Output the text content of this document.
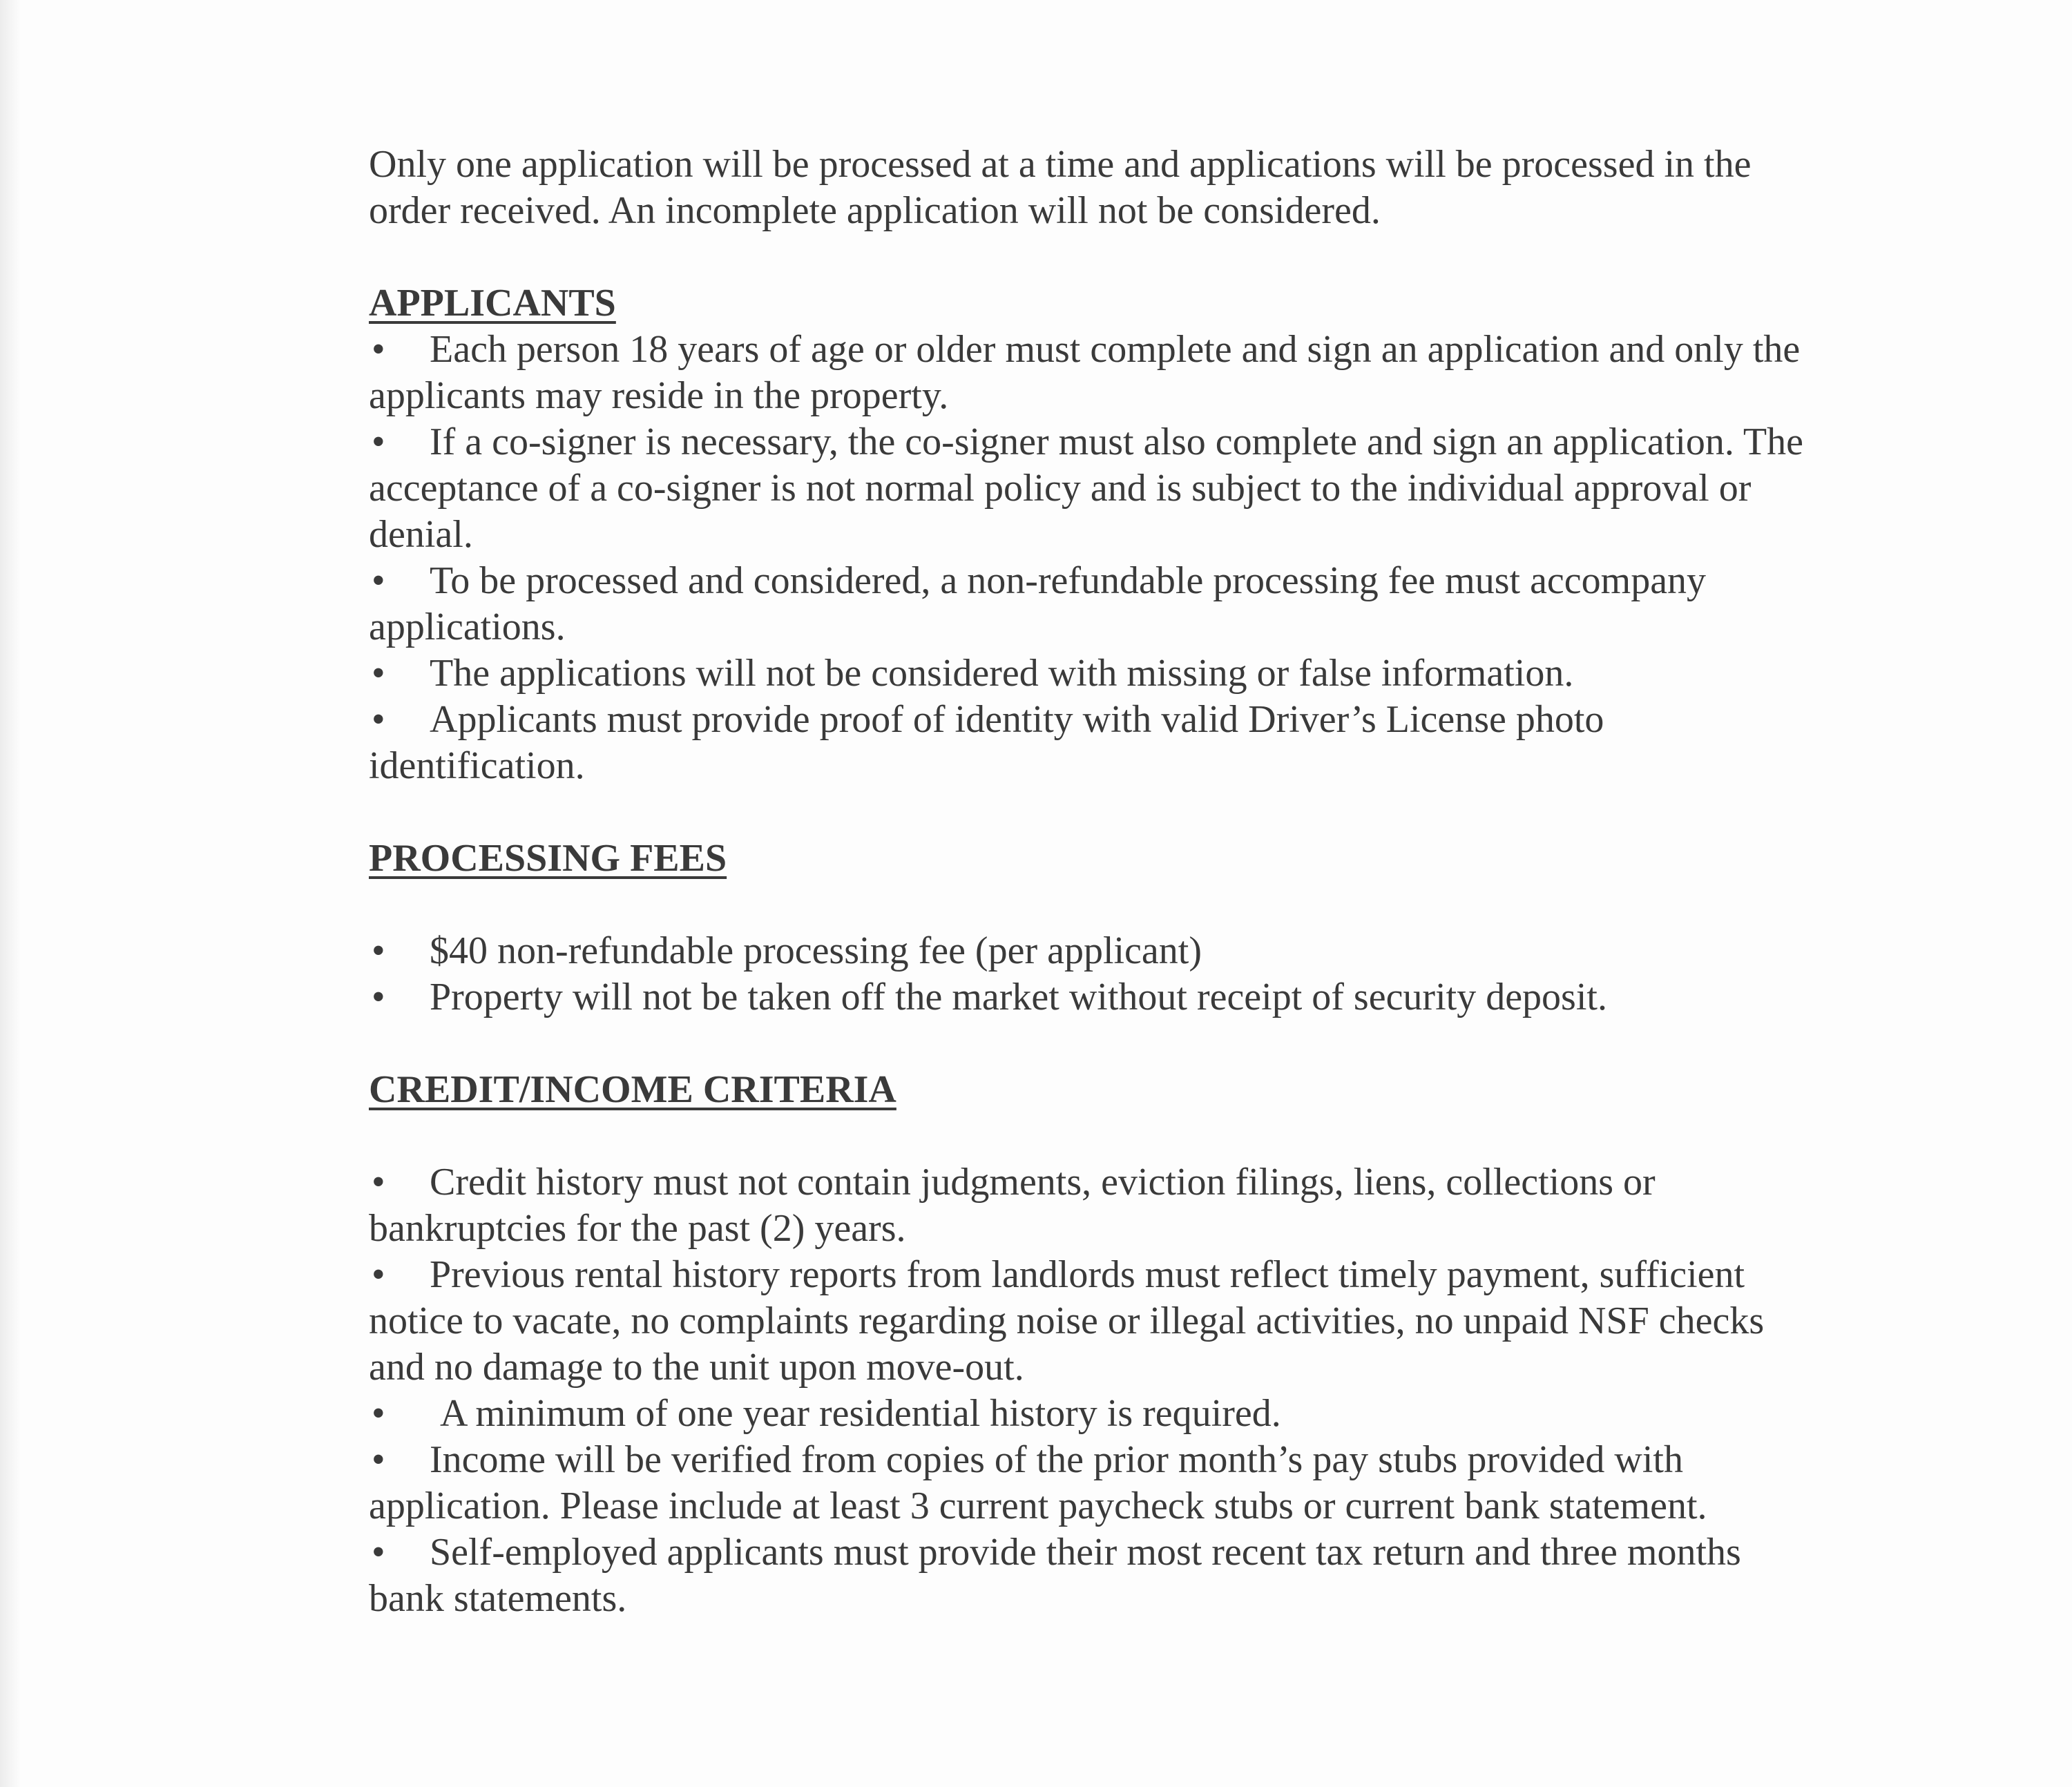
Only one application will be processed at a time and applications will be processed in the order received. An incomplete application will not be considered.

APPLICANTS

• Each person 18 years of age or older must complete and sign an application and only the applicants may reside in the property.

• If a co-signer is necessary, the co-signer must also complete and sign an application. The acceptance of a co-signer is not normal policy and is subject to the individual approval or denial.

• To be processed and considered, a non-refundable processing fee must accompany applications.

• The applications will not be considered with missing or false information.

• Applicants must provide proof of identity with valid Driver’s License photo identification.

PROCESSING FEES

• $40 non-refundable processing fee (per applicant)

• Property will not be taken off the market without receipt of security deposit.

CREDIT/INCOME CRITERIA

• Credit history must not contain judgments, eviction filings, liens, collections or bankruptcies for the past (2) years.

• Previous rental history reports from landlords must reflect timely payment, sufficient notice to vacate, no complaints regarding noise or illegal activities, no unpaid NSF checks and no damage to the unit upon move-out.

• A minimum of one year residential history is required.

• Income will be verified from copies of the prior month’s pay stubs provided with application. Please include at least 3 current paycheck stubs or current bank statement.

• Self-employed applicants must provide their most recent tax return and three months bank statements.
